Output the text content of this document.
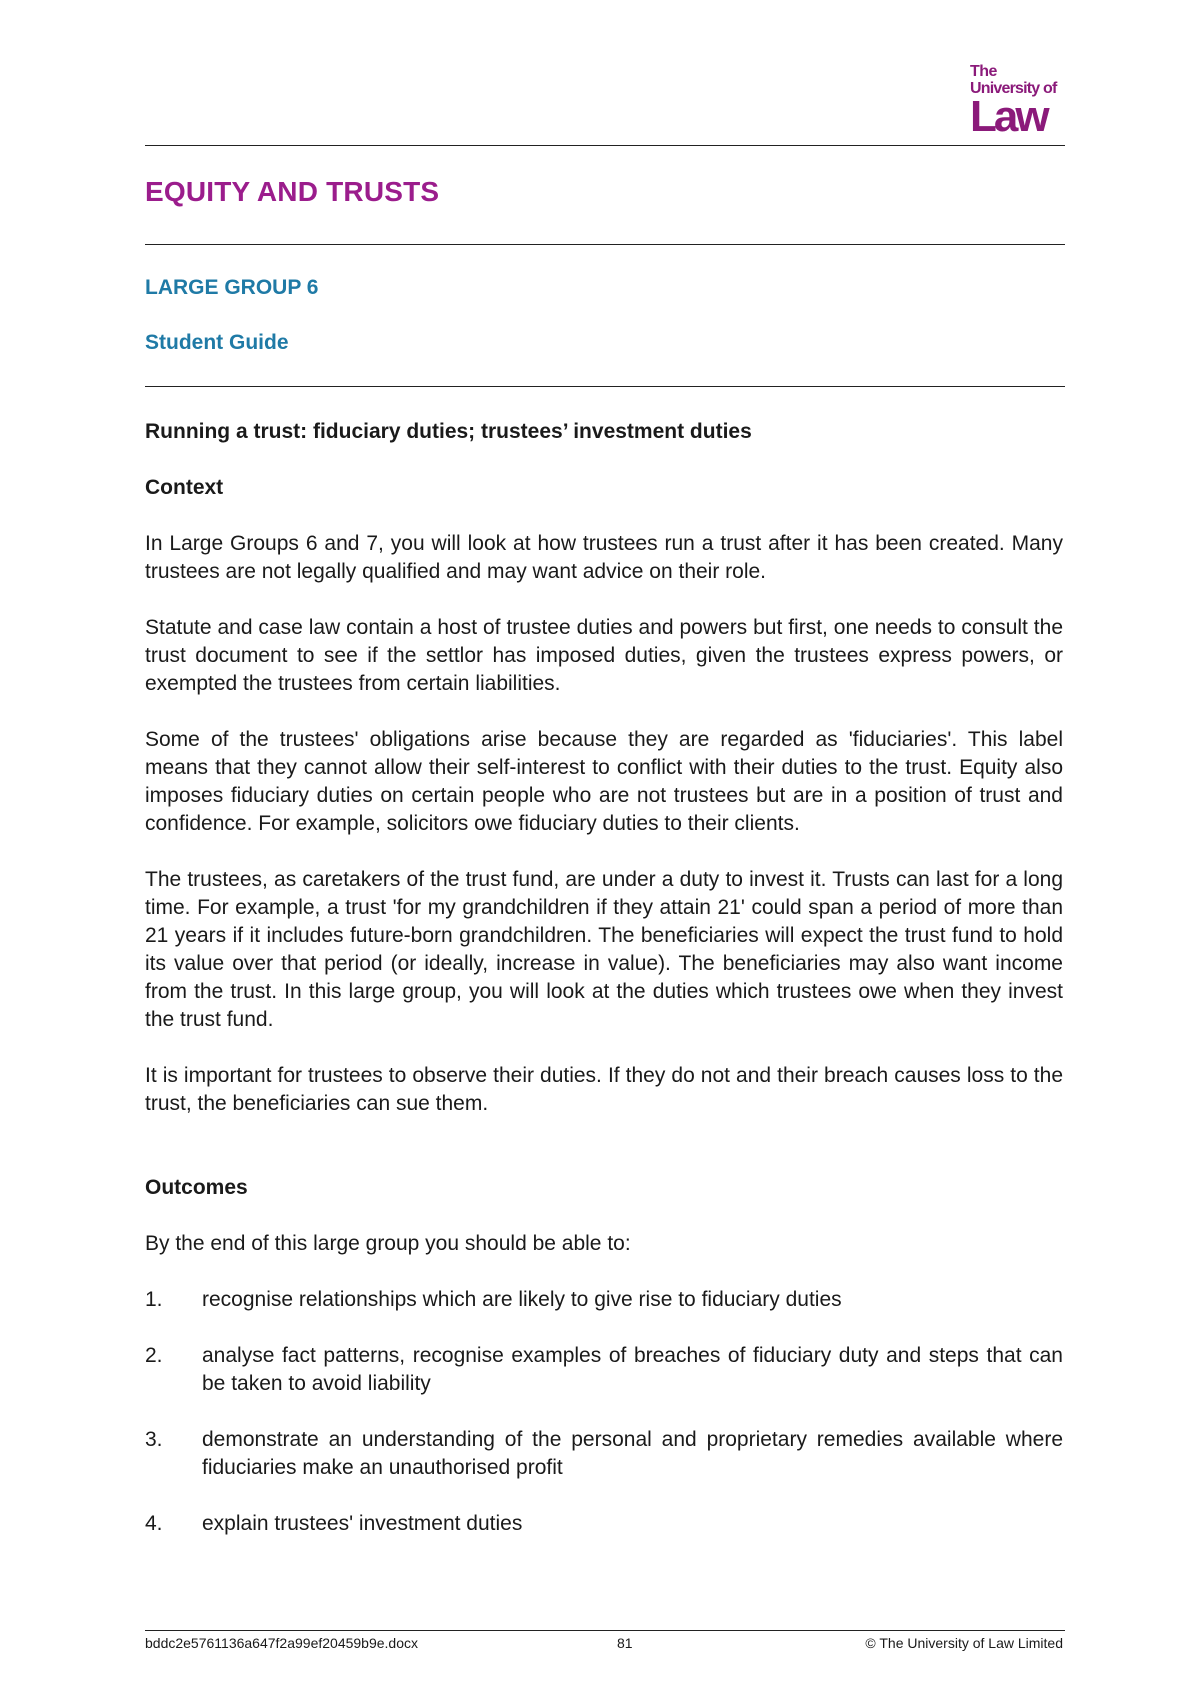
The
University of
Law
EQUITY AND TRUSTS
LARGE GROUP 6
Student Guide
Running a trust: fiduciary duties; trustees’ investment duties
Context

In Large Groups 6 and 7, you will look at how trustees run a trust after it has been created. Many trustees are not legally qualified and may want advice on their role.

Statute and case law contain a host of trustee duties and powers but first, one needs to consult the trust document to see if the settlor has imposed duties, given the trustees express powers, or exempted the trustees from certain liabilities.

Some of the trustees' obligations arise because they are regarded as 'fiduciaries'. This label means that they cannot allow their self-interest to conflict with their duties to the trust. Equity also imposes fiduciary duties on certain people who are not trustees but are in a position of trust and confidence. For example, solicitors owe fiduciary duties to their clients.

The trustees, as caretakers of the trust fund, are under a duty to invest it. Trusts can last for a long time. For example, a trust 'for my grandchildren if they attain 21' could span a period of more than 21 years if it includes future-born grandchildren. The beneficiaries will expect the trust fund to hold its value over that period (or ideally, increase in value). The beneficiaries may also want income from the trust. In this large group, you will look at the duties which trustees owe when they invest the trust fund.

It is important for trustees to observe their duties. If they do not and their breach causes loss to the trust, the beneficiaries can sue them.

Outcomes

By the end of this large group you should be able to:

1.	recognise relationships which are likely to give rise to fiduciary duties
2.	analyse fact patterns, recognise examples of breaches of fiduciary duty and steps that can be taken to avoid liability
3.	demonstrate an understanding of the personal and proprietary remedies available where fiduciaries make an unauthorised profit
4.	explain trustees' investment duties
bddc2e5761136a647f2a99ef20459b9e.docx	81	© The University of Law Limited
